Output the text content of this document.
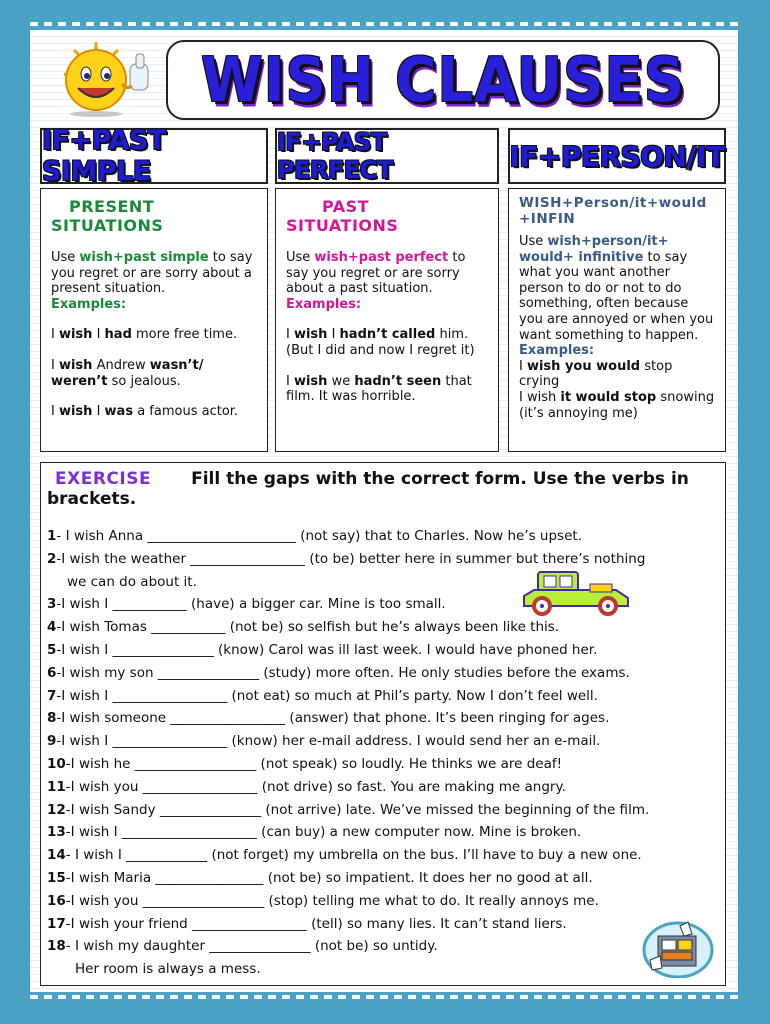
WISH CLAUSES
IF+PAST SIMPLE
IF+PAST PERFECT	IF+PERSON/IT
PRESENT
SITUATIONS
Use wish+past simple to say you regret or are sorry about a present situation.
Examples:
I wish I had more free time.
I wish Andrew wasn’t/ weren’t so jealous.
I wish I was a famous actor.
PAST
SITUATIONS
Use wish+past perfect to say you regret or are sorry about a past situation.
Examples:
I wish I hadn’t called him. (But I did and now I regret it)
I wish we hadn’t seen that film. It was horrible.
WISH+Person/it+would+INFIN
Use wish+person/it+ would+ infinitive to say what you want another person to do or not to do something, often because you are annoyed or when you want something to happen.
Examples:
I wish you would stop crying
I wish it would stop snowing (it’s annoying me)
EXERCISE Fill the gaps with the correct form. Use the verbs in brackets.
1- I wish Anna ______________________ (not say) that to Charles. Now he’s upset.
2-I wish the weather _________________ (to be) better here in summer but there’s nothing
we can do about it.
3-I wish I ___________ (have) a bigger car. Mine is too small.
4-I wish Tomas ___________ (not be) so selfish but he’s always been like this.
5-I wish I _______________ (know) Carol was ill last week. I would have phoned her.
6-I wish my son _______________ (study) more often. He only studies before the exams.
7-I wish I _________________ (not eat) so much at Phil’s party. Now I don’t feel well.
8-I wish someone _________________ (answer) that phone. It’s been ringing for ages.
9-I wish I _________________ (know) her e-mail address. I would send her an e-mail.
10-I wish he __________________ (not speak) so loudly. He thinks we are deaf!
11-I wish you _________________ (not drive) so fast. You are making me angry.
12-I wish Sandy _______________ (not arrive) late. We’ve missed the beginning of the film.
13-I wish I ____________________ (can buy) a new computer now. Mine is broken.
14- I wish I ____________ (not forget) my umbrella on the bus. I’ll have to buy a new one.
15-I wish Maria ________________ (not be) so impatient. It does her no good at all.
16-I wish you __________________ (stop) telling me what to do. It really annoys me.
17-I wish your friend _________________ (tell) so many lies. It can’t stand liers.
18- I wish my daughter _______________ (not be) so untidy.
Her room is always a mess.
